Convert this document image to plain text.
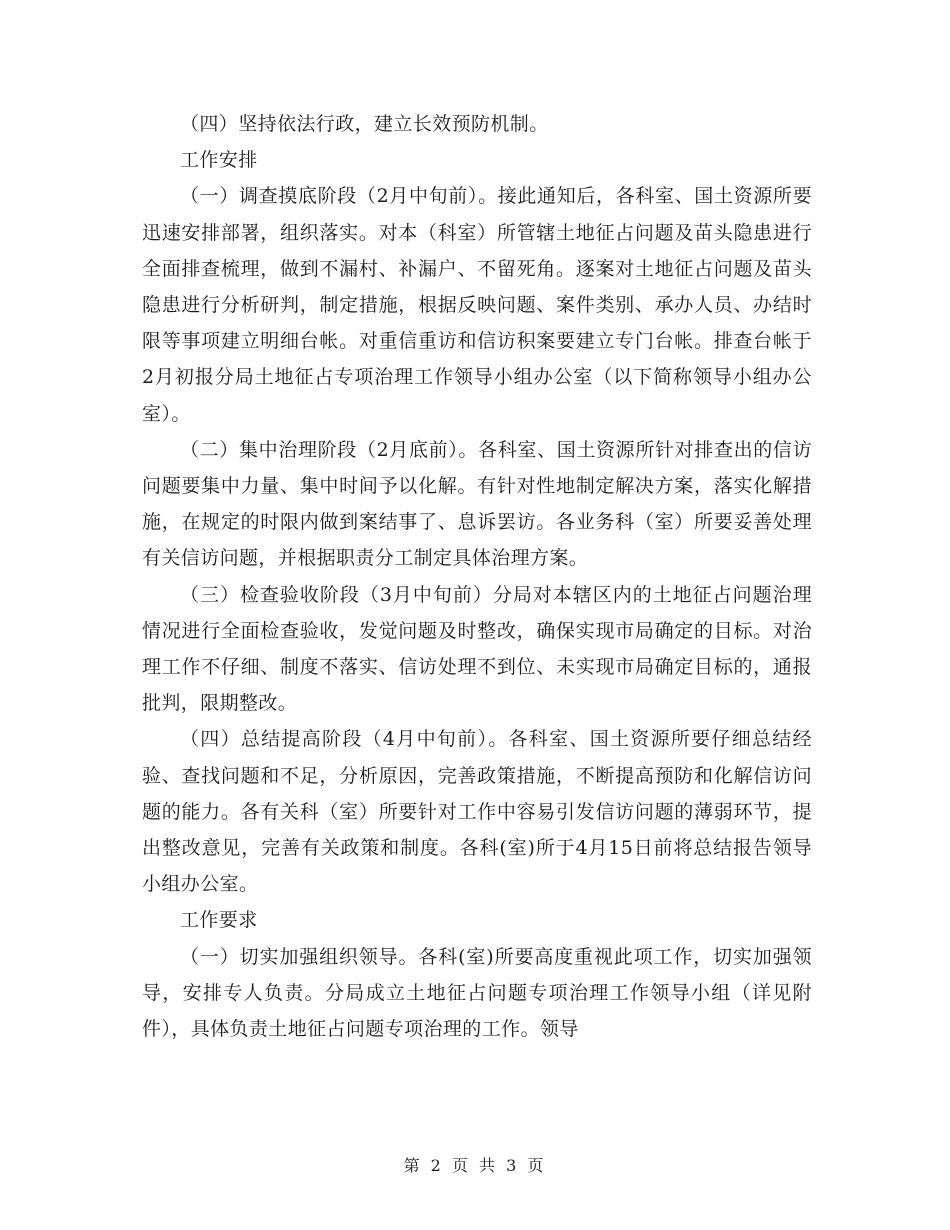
（四）坚持依法行政，建立长效预防机制。

工作安排

（一）调查摸底阶段（2月中旬前）。接此通知后，各科室、国土资源所要迅速安排部署，组织落实。对本（科室）所管辖土地征占问题及苗头隐患进行全面排查梳理，做到不漏村、补漏户、不留死角。逐案对土地征占问题及苗头隐患进行分析研判，制定措施，根据反映问题、案件类别、承办人员、办结时限等事项建立明细台帐。对重信重访和信访积案要建立专门台帐。排查台帐于2月初报分局土地征占专项治理工作领导小组办公室（以下简称领导小组办公室）。

（二）集中治理阶段（2月底前）。各科室、国土资源所针对排查出的信访问题要集中力量、集中时间予以化解。有针对性地制定解决方案，落实化解措施，在规定的时限内做到案结事了、息诉罢访。各业务科（室）所要妥善处理有关信访问题，并根据职责分工制定具体治理方案。

（三）检查验收阶段（3月中旬前）分局对本辖区内的土地征占问题治理情况进行全面检查验收，发觉问题及时整改，确保实现市局确定的目标。对治理工作不仔细、制度不落实、信访处理不到位、未实现市局确定目标的，通报批判，限期整改。

（四）总结提高阶段（4月中旬前）。各科室、国土资源所要仔细总结经验、查找问题和不足，分析原因，完善政策措施，不断提高预防和化解信访问题的能力。各有关科（室）所要针对工作中容易引发信访问题的薄弱环节，提出整改意见，完善有关政策和制度。各科(室)所于4月15日前将总结报告领导小组办公室。

工作要求

（一）切实加强组织领导。各科(室)所要高度重视此项工作，切实加强领导，安排专人负责。分局成立土地征占问题专项治理工作领导小组（详见附件），具体负责土地征占问题专项治理的工作。领导

第 2 页 共 3 页
